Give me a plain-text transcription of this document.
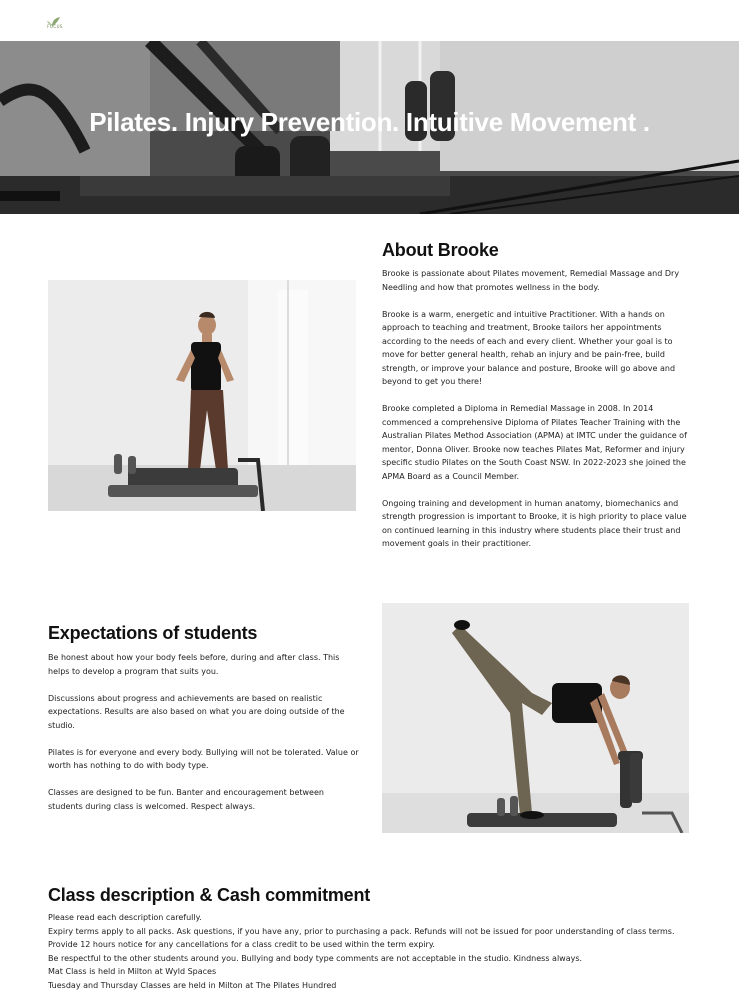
FOCUS
Pilates. Injury Prevention. Intuitive Movement .
About Brooke

Brooke is passionate about Pilates movement, Remedial Massage and Dry Needling and how that promotes wellness in the body.

Brooke is a warm, energetic and intuitive Practitioner. With a hands on approach to teaching and treatment, Brooke tailors her appointments according to the needs of each and every client. Whether your goal is to move for better general health, rehab an injury and be pain-free, build strength, or improve your balance and posture, Brooke will go above and beyond to get you there!

Brooke completed a Diploma in Remedial Massage in 2008. In 2014 commenced a comprehensive Diploma of Pilates Teacher Training with the Australian Pilates Method Association (APMA) at IMTC under the guidance of mentor, Donna Oliver. Brooke now teaches Pilates Mat, Reformer and injury specific studio Pilates on the South Coast NSW. In 2022-2023 she joined the APMA Board as a Council Member.

Ongoing training and development in human anatomy, biomechanics and strength progression is important to Brooke, it is high priority to place value on continued learning in this industry where students place their trust and movement goals in their practitioner.

Expectations of students

Be honest about how your body feels before, during and after class. This helps to develop a program that suits you.

Discussions about progress and achievements are based on realistic expectations. Results are also based on what you are doing outside of the studio.

Pilates is for everyone and every body. Bullying will not be tolerated. Value or worth has nothing to do with body type.

Classes are designed to be fun. Banter and encouragement between students during class is welcomed. Respect always.

Class description & Cash commitment
Please read each description carefully.
Expiry terms apply to all packs. Ask questions, if you have any, prior to purchasing a pack. Refunds will not be issued for poor understanding of class terms.
Provide 12 hours notice for any cancellations for a class credit to be used within the term expiry.
Be respectful to the other students around you. Bullying and body type comments are not acceptable in the studio. Kindness always.
Mat Class is held in Milton at Wyld Spaces
Tuesday and Thursday Classes are held in Milton at The Pilates Hundred
